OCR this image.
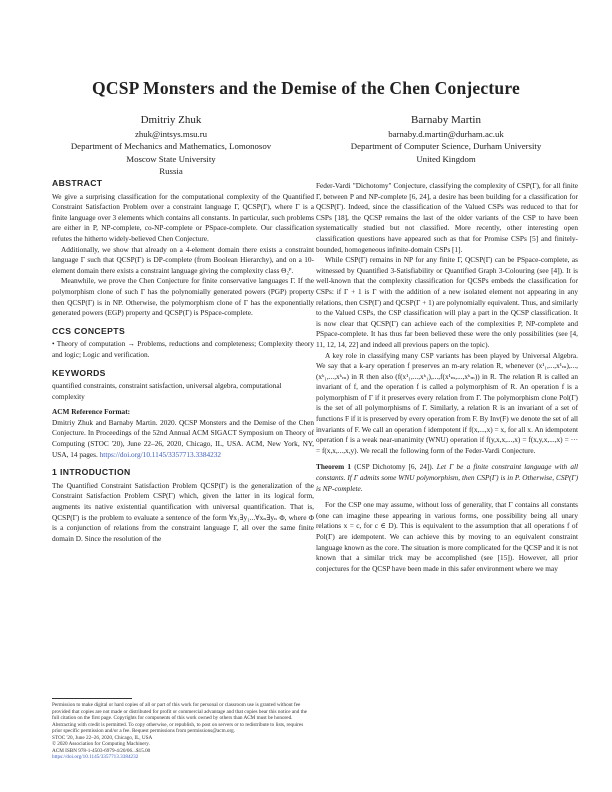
QCSP Monsters and the Demise of the Chen Conjecture
Dmitriy Zhuk
zhuk@intsys.msu.ru
Department of Mechanics and Mathematics, Lomonosov
Moscow State University
Russia
Barnaby Martin
barnaby.d.martin@durham.ac.uk
Department of Computer Science, Durham University
United Kingdom
ABSTRACT

We give a surprising classification for the computational complexity of the Quantified Constraint Satisfaction Problem over a constraint language Γ, QCSP(Γ), where Γ is a finite language over 3 elements which contains all constants. In particular, such problems are either in P, NP-complete, co-NP-complete or PSpace-complete. Our classification refutes the hitherto widely-believed Chen Conjecture.

Additionally, we show that already on a 4-element domain there exists a constraint language Γ such that QCSP(Γ) is DP-complete (from Boolean Hierarchy), and on a 10-element domain there exists a constraint language giving the complexity class Θ₂ᴾ.

Meanwhile, we prove the Chen Conjecture for finite conservative languages Γ. If the polymorphism clone of such Γ has the polynomially generated powers (PGP) property then QCSP(Γ) is in NP. Otherwise, the polymorphism clone of Γ has the exponentially generated powers (EGP) property and QCSP(Γ) is PSpace-complete.

CCS CONCEPTS
• Theory of computation → Problems, reductions and completeness; Complexity theory and logic; Logic and verification.
KEYWORDS
quantified constraints, constraint satisfaction, universal algebra, computational complexity
ACM Reference Format:
Dmitriy Zhuk and Barnaby Martin. 2020. QCSP Monsters and the Demise of the Chen Conjecture. In Proceedings of the 52nd Annual ACM SIGACT Symposium on Theory of Computing (STOC '20), June 22–26, 2020, Chicago, IL, USA. ACM, New York, NY, USA, 14 pages. https://doi.org/10.1145/3357713.3384232
1 INTRODUCTION

The Quantified Constraint Satisfaction Problem QCSP(Γ) is the generalization of the Constraint Satisfaction Problem CSP(Γ) which, given the latter in its logical form, augments its native existential quantification with universal quantification. That is, QCSP(Γ) is the problem to evaluate a sentence of the form ∀x₁∃y₁...∀xₙ∃yₙ Φ, where Φ is a conjunction of relations from the constraint language Γ, all over the same finite domain D. Since the resolution of the

Permission to make digital or hard copies of all or part of this work for personal or classroom use is granted without fee provided that copies are not made or distributed for profit or commercial advantage and that copies bear this notice and the full citation on the first page. Copyrights for components of this work owned by others than ACM must be honored. Abstracting with credit is permitted. To copy otherwise, or republish, to post on servers or to redistribute to lists, requires prior specific permission and/or a fee. Request permissions from permissions@acm.org.
STOC '20, June 22–26, 2020, Chicago, IL, USA
© 2020 Association for Computing Machinery.
ACM ISBN 978-1-4503-6979-4/20/06...$15.00
https://doi.org/10.1145/3357713.3384232

Feder-Vardi "Dichotomy" Conjecture, classifying the complexity of CSP(Γ), for all finite Γ, between P and NP-complete [6, 24], a desire has been building for a classification for QCSP(Γ). Indeed, since the classification of the Valued CSPs was reduced to that for CSPs [18], the QCSP remains the last of the older variants of the CSP to have been systematically studied but not classified. More recently, other interesting open classification questions have appeared such as that for Promise CSPs [5] and finitely-bounded, homogeneous infinite-domain CSPs [1].

While CSP(Γ) remains in NP for any finite Γ, QCSP(Γ) can be PSpace-complete, as witnessed by Quantified 3-Satisfiability or Quantified Graph 3-Colouring (see [4]). It is well-known that the complexity classification for QCSPs embeds the classification for CSPs: if Γ + 1 is Γ with the addition of a new isolated element not appearing in any relations, then CSP(Γ) and QCSP(Γ + 1) are polynomially equivalent. Thus, and similarly to the Valued CSPs, the CSP classification will play a part in the QCSP classification. It is now clear that QCSP(Γ) can achieve each of the complexities P, NP-complete and PSpace-complete. It has thus far been believed these were the only possibilities (see [4, 11, 12, 14, 22] and indeed all previous papers on the topic).

A key role in classifying many CSP variants has been played by Universal Algebra. We say that a k-ary operation f preserves an m-ary relation R, whenever (x¹₁,...,x¹ₘ),...,(xᵏ₁,...,xᵏₘ) in R then also (f(x¹₁,...,xᵏ₁),...,f(x¹ₘ,...,xᵏₘ)) in R. The relation R is called an invariant of f, and the operation f is called a polymorphism of R. An operation f is a polymorphism of Γ if it preserves every relation from Γ. The polymorphism clone Pol(Γ) is the set of all polymorphisms of Γ. Similarly, a relation R is an invariant of a set of functions F if it is preserved by every operation from F. By Inv(F) we denote the set of all invariants of F. We call an operation f idempotent if f(x,...,x) = x, for all x. An idempotent operation f is a weak near-unanimity (WNU) operation if f(y,x,x,...,x) = f(x,y,x,...,x) = ··· = f(x,x,...,x,y). We recall the following form of the Feder-Vardi Conjecture.

Theorem 1 (CSP Dichotomy [6, 24]). Let Γ be a finite constraint language with all constants. If Γ admits some WNU polymorphism, then CSP(Γ) is in P. Otherwise, CSP(Γ) is NP-complete.

For the CSP one may assume, without loss of generality, that Γ contains all constants (one can imagine these appearing in various forms, one possibility being all unary relations x = c, for c ∈ D). This is equivalent to the assumption that all operations f of Pol(Γ) are idempotent. We can achieve this by moving to an equivalent constraint language known as the core. The situation is more complicated for the QCSP and it is not known that a similar trick may be accomplished (see [15]). However, all prior conjectures for the QCSP have been made in this safer environment where we may
